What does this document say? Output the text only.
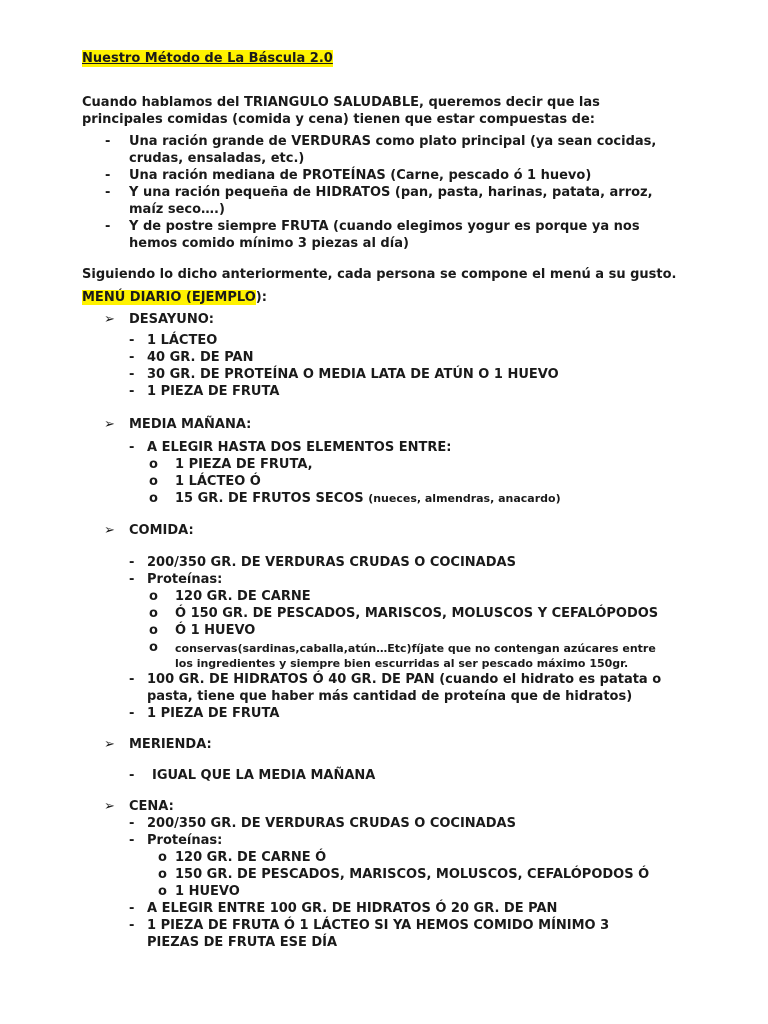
Nuestro Método de La Báscula 2.0
Cuando hablamos del TRIANGULO SALUDABLE, queremos decir que las
principales comidas (comida y cena) tienen que estar compuestas de:
- Una ración grande de VERDURAS como plato principal (ya sean cocidas,
crudas, ensaladas, etc.)
- Una ración mediana de PROTEÍNAS (Carne, pescado ó 1 huevo)
- Y una ración pequeña de HIDRATOS (pan, pasta, harinas, patata, arroz,
maíz seco….)
- Y de postre siempre FRUTA (cuando elegimos yogur es porque ya nos
hemos comido mínimo 3 piezas al día)
Siguiendo lo dicho anteriormente, cada persona se compone el menú a su gusto.
MENÚ DIARIO (EJEMPLO):
➢ DESAYUNO:
- 1 LÁCTEO
- 40 GR. DE PAN
- 30 GR. DE PROTEÍNA O MEDIA LATA DE ATÚN O 1 HUEVO
- 1 PIEZA DE FRUTA
➢ MEDIA MAÑANA:
- A ELEGIR HASTA DOS ELEMENTOS ENTRE:
o 1 PIEZA DE FRUTA,
o 1 LÁCTEO Ó
o 15 GR. DE FRUTOS SECOS (nueces, almendras, anacardo)
➢ COMIDA:
- 200/350 GR. DE VERDURAS CRUDAS O COCINADAS
- Proteínas:
o 120 GR. DE CARNE
o Ó 150 GR. DE PESCADOS, MARISCOS, MOLUSCOS Y CEFALÓPODOS
o Ó 1 HUEVO
o conservas(sardinas,caballa,atún…Etc)fíjate que no contengan azúcares entre
los ingredientes y siempre bien escurridas al ser pescado máximo 150gr.
- 100 GR. DE HIDRATOS Ó 40 GR. DE PAN (cuando el hidrato es patata o
pasta, tiene que haber más cantidad de proteína que de hidratos)
- 1 PIEZA DE FRUTA
➢ MERIENDA:
- IGUAL QUE LA MEDIA MAÑANA
➢ CENA:
- 200/350 GR. DE VERDURAS CRUDAS O COCINADAS
- Proteínas:
o 120 GR. DE CARNE Ó
o 150 GR. DE PESCADOS, MARISCOS, MOLUSCOS, CEFALÓPODOS Ó
o 1 HUEVO
- A ELEGIR ENTRE 100 GR. DE HIDRATOS Ó 20 GR. DE PAN
- 1 PIEZA DE FRUTA Ó 1 LÁCTEO SI YA HEMOS COMIDO MÍNIMO 3
PIEZAS DE FRUTA ESE DÍA
